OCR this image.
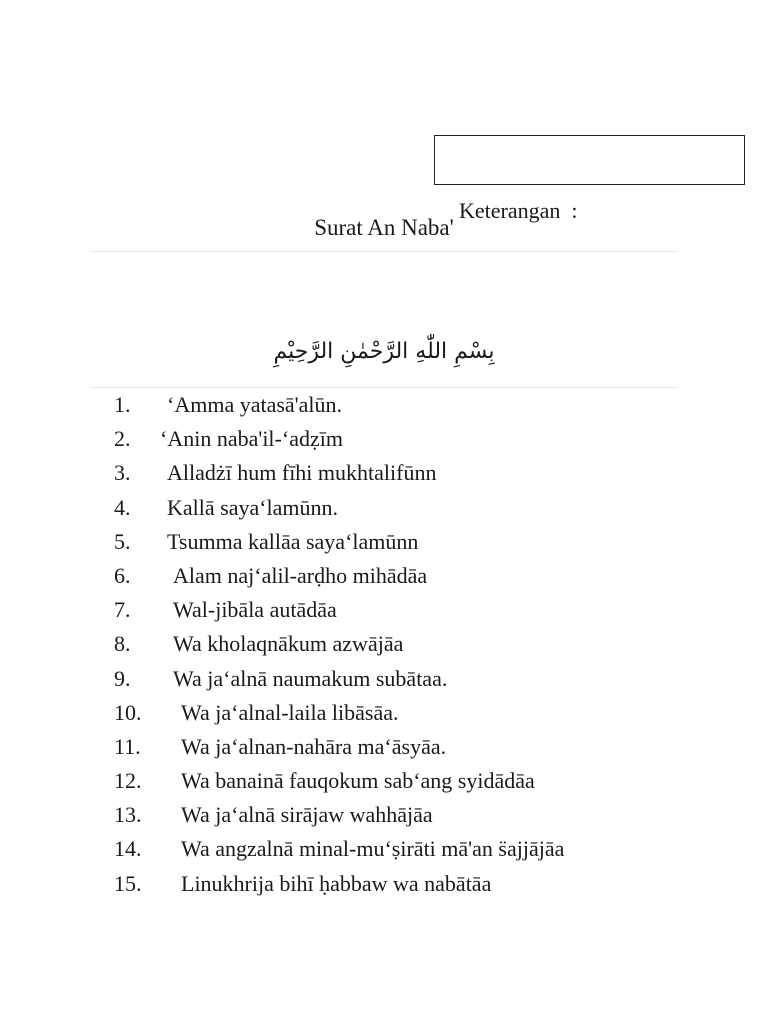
Keterangan  :

Surat An Naba'
بِسْمِ اللّٰهِ الرَّحْمٰنِ الرَّحِيْمِ
1. ‘Amma yatasā'alūn.
2. ‘Anin naba'il-‘adẓīm
3. Alladżī hum fīhi mukhtalifūnn
4. Kallā saya‘lamūnn.
5. Tsumma kallāa saya‘lamūnn
6. Alam naj‘alil-arḍho mihādāa
7. Wal-jibāla autādāa
8. Wa kholaqnākum azwājāa
9. Wa ja‘alnā naumakum subātaa.
10. Wa ja‘alnal-laila libāsāa.
11. Wa ja‘alnan-nahāra ma‘āsyāa.
12. Wa banainā fauqokum sab‘ang syidādāa
13. Wa ja‘alnā sirājaw wahhājāa
14. Wa angzalnā minal-mu‘ṣirāti mā'an s̈ajjājāa
15. Linukhrija bihī ḥabbaw wa nabātāa
